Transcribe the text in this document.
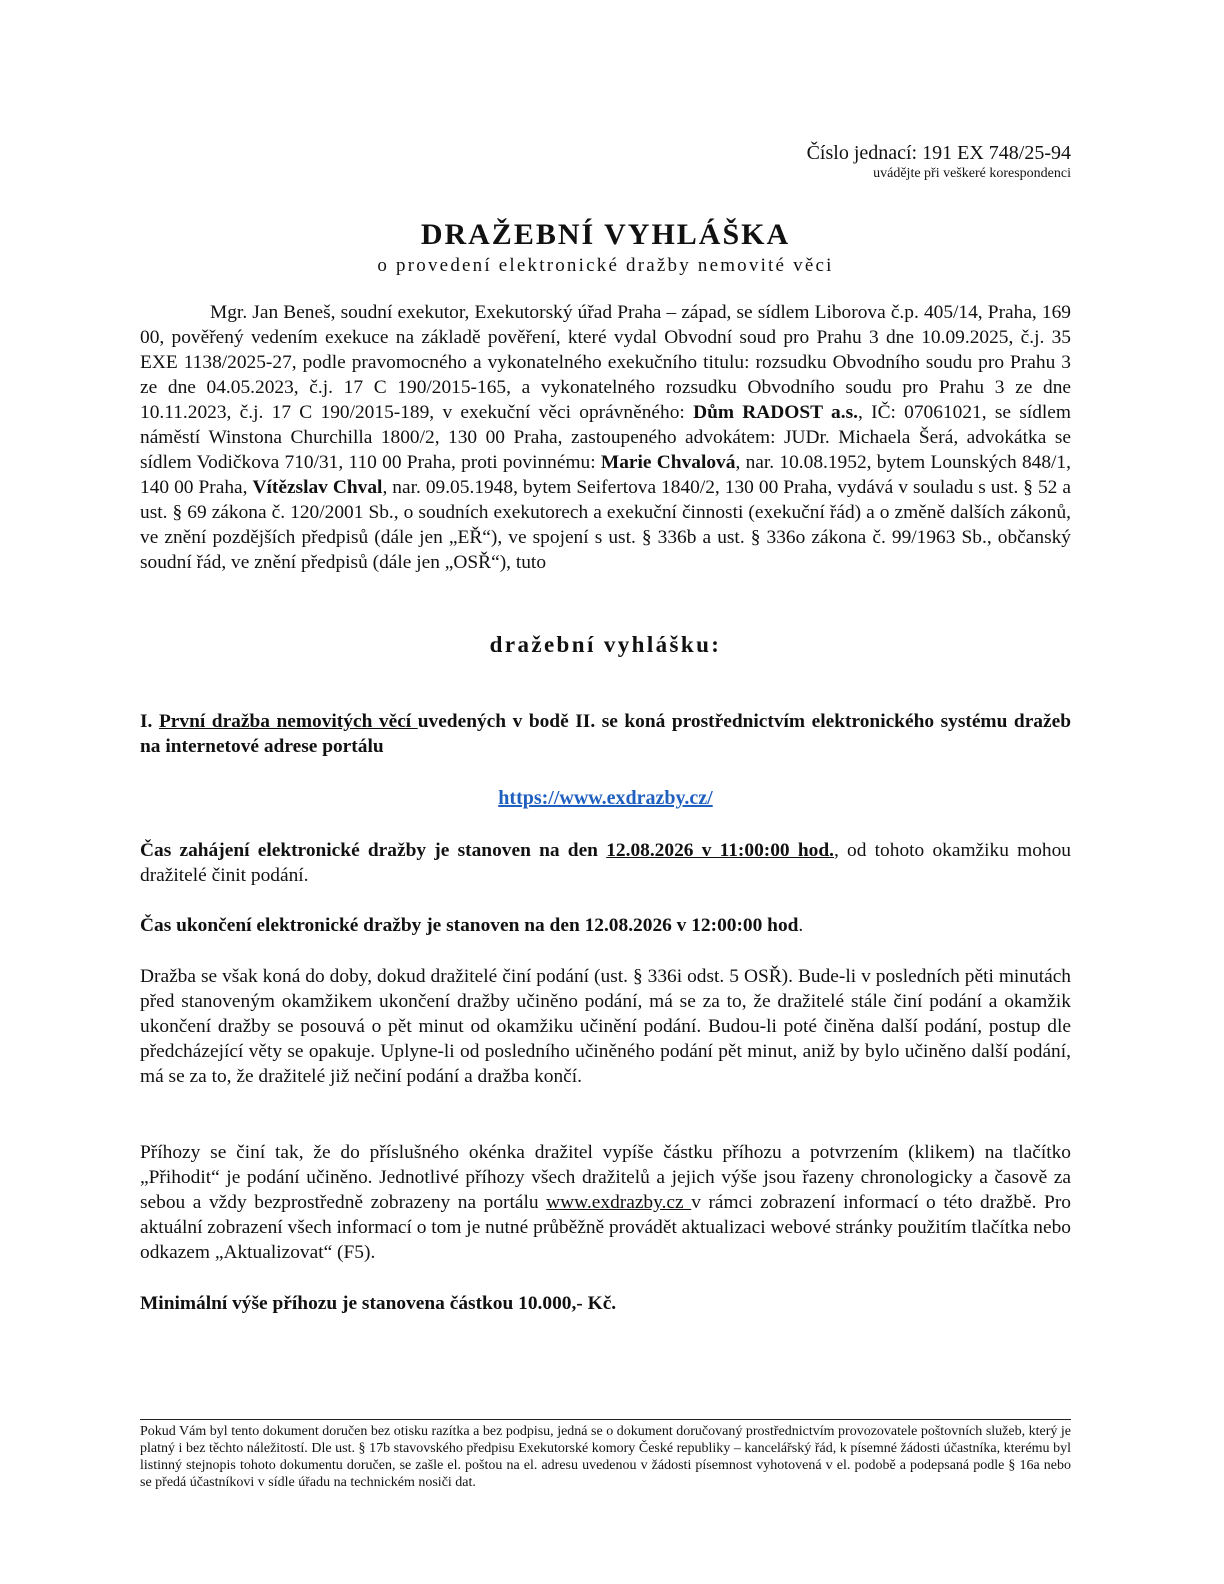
Číslo jednací: 191 EX 748/25-94
uvádějte při veškeré korespondenci
DRAŽEBNÍ VYHLÁŠKA
o provedení elektronické dražby nemovité věci

Mgr. Jan Beneš, soudní exekutor, Exekutorský úřad Praha – západ, se sídlem Liborova č.p. 405/14, Praha, 169 00, pověřený vedením exekuce na základě pověření, které vydal Obvodní soud pro Prahu 3 dne 10.09.2025, č.j. 35 EXE 1138/2025-27, podle pravomocného a vykonatelného exekučního titulu: rozsudku Obvodního soudu pro Prahu 3 ze dne 04.05.2023, č.j. 17 C 190/2015-165, a vykonatelného rozsudku Obvodního soudu pro Prahu 3 ze dne 10.11.2023, č.j. 17 C 190/2015-189, v exekuční věci oprávněného: Dům RADOST a.s., IČ: 07061021, se sídlem náměstí Winstona Churchilla 1800/2, 130 00 Praha, zastoupeného advokátem: JUDr. Michaela Šerá, advokátka se sídlem Vodičkova 710/31, 110 00 Praha, proti povinnému: Marie Chvalová, nar. 10.08.1952, bytem Lounských 848/1, 140 00 Praha, Vítězslav Chval, nar. 09.05.1948, bytem Seifertova 1840/2, 130 00 Praha, vydává v souladu s ust. § 52 a ust. § 69 zákona č. 120/2001 Sb., o soudních exekutorech a exekuční činnosti (exekuční řád) a o změně dalších zákonů, ve znění pozdějších předpisů (dále jen „EŘ“), ve spojení s ust. § 336b a ust. § 336o zákona č. 99/1963 Sb., občanský soudní řád, ve znění předpisů (dále jen „OSŘ“), tuto

dražební vyhlášku:

I. První dražba nemovitých věcí uvedených v bodě II. se koná prostřednictvím elektronického systému dražeb na internetové adrese portálu

https://www.exdrazby.cz/

Čas zahájení elektronické dražby je stanoven na den 12.08.2026 v 11:00:00 hod., od tohoto okamžiku mohou dražitelé činit podání.

Čas ukončení elektronické dražby je stanoven na den 12.08.2026 v 12:00:00 hod.

Dražba se však koná do doby, dokud dražitelé činí podání (ust. § 336i odst. 5 OSŘ). Bude-li v posledních pěti minutách před stanoveným okamžikem ukončení dražby učiněno podání, má se za to, že dražitelé stále činí podání a okamžik ukončení dražby se posouvá o pět minut od okamžiku učinění podání. Budou-li poté činěna další podání, postup dle předcházející věty se opakuje. Uplyne-li od posledního učiněného podání pět minut, aniž by bylo učiněno další podání, má se za to, že dražitelé již nečiní podání a dražba končí.

Příhozy se činí tak, že do příslušného okénka dražitel vypíše částku příhozu a potvrzením (klikem) na tlačítko „Přihodit“ je podání učiněno. Jednotlivé příhozy všech dražitelů a jejich výše jsou řazeny chronologicky a časově za sebou a vždy bezprostředně zobrazeny na portálu www.exdrazby.cz v rámci zobrazení informací o této dražbě. Pro aktuální zobrazení všech informací o tom je nutné průběžně provádět aktualizaci webové stránky použitím tlačítka nebo odkazem „Aktualizovat“ (F5).

Minimální výše příhozu je stanovena částkou 10.000,- Kč.

Pokud Vám byl tento dokument doručen bez otisku razítka a bez podpisu, jedná se o dokument doručovaný prostřednictvím provozovatele poštovních služeb, který je platný i bez těchto náležitostí. Dle ust. § 17b stavovského předpisu Exekutorské komory České republiky – kancelářský řád, k písemné žádosti účastníka, kterému byl listinný stejnopis tohoto dokumentu doručen, se zašle el. poštou na el. adresu uvedenou v žádosti písemnost vyhotovená v el. podobě a podepsaná podle § 16a nebo se předá účastníkovi v sídle úřadu na technickém nosiči dat.
